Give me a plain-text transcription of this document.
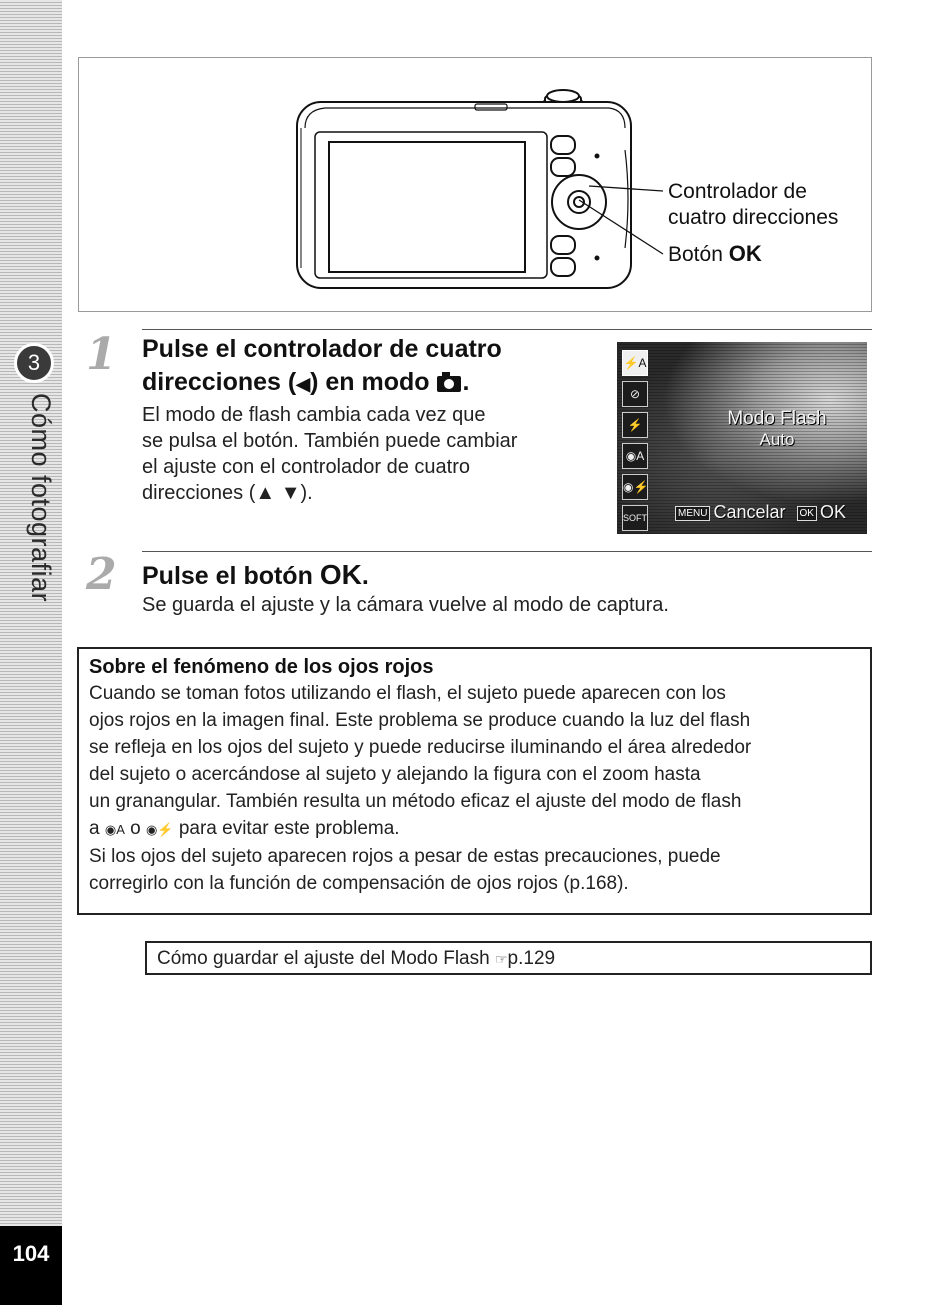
3
Cómo fotografiar
104
Controlador de cuatro direcciones
Botón OK
1 Pulse el controlador de cuatro
direcciones (◀) en modo .
El modo de flash cambia cada vez que
se pulsa el botón. También puede cambiar
el ajuste con el controlador de cuatro
direcciones (▲ ▼).
⚡A
⊘
⚡
◉A
◉⚡
SOFT
Modo Flash
Auto
MENU Cancelar OK OK
2 Pulse el botón OK.
Se guarda el ajuste y la cámara vuelve al modo de captura.
Sobre el fenómeno de los ojos rojos

Cuando se toman fotos utilizando el flash, el sujeto puede aparecen con los

ojos rojos en la imagen final. Este problema se produce cuando la luz del flash

se refleja en los ojos del sujeto y puede reducirse iluminando el área alrededor

del sujeto o acercándose al sujeto y alejando la figura con el zoom hasta

un granangular. También resulta un método eficaz el ajuste del modo de flash

a ◉A o ◉⚡ para evitar este problema.

Si los ojos del sujeto aparecen rojos a pesar de estas precauciones, puede

corregirlo con la función de compensación de ojos rojos (p.168).

Cómo guardar el ajuste del Modo Flash ☞p.129
